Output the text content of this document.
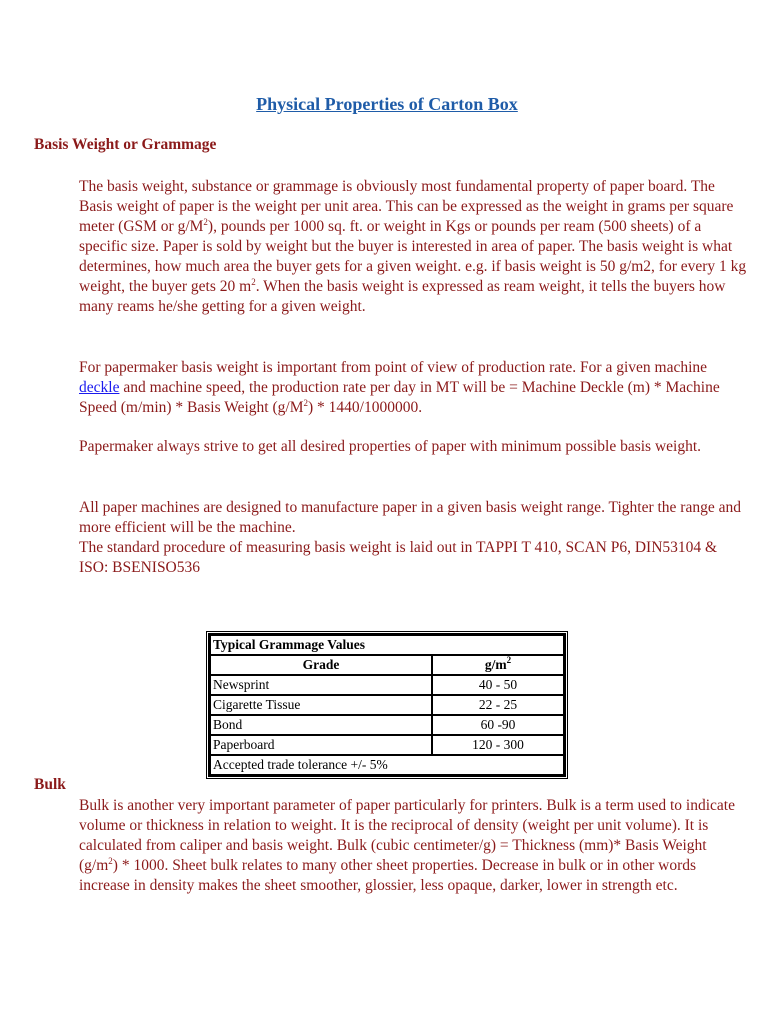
Physical Properties of Carton Box
Basis Weight or Grammage

The basis weight, substance or grammage is obviously most fundamental property of paper board. The Basis weight of paper is the weight per unit area. This can be expressed as the weight in grams per square meter (GSM or $g/M^2$), pounds per 1000 sq. ft. or weight in Kgs or pounds per ream (500 sheets) of a specific size. Paper is sold by weight but the buyer is interested in area of paper. The basis weight is what determines, how much area the buyer gets for a given weight. e.g. if basis weight is 50 g/m2, for every 1 kg weight, the buyer gets 20 $m^2$. When the basis weight is expressed as ream weight, it tells the buyers how many reams he/she getting for a given weight.

For papermaker basis weight is important from point of view of production rate. For a given machine deckle and machine speed, the production rate per day in MT will be = Machine Deckle (m) * Machine Speed (m/min) * Basis Weight $(g/M^2) * 1440/1000000$.

Papermaker always strive to get all desired properties of paper with minimum possible basis weight.

All paper machines are designed to manufacture paper in a given basis weight range. Tighter the range and more efficient will be the machine.

The standard procedure of measuring basis weight is laid out in TAPPI T 410, SCAN P6, DIN53104 & ISO: BSENISO536

Typical Grammage Values	
Grade	$g/m^2$
Newsprint	40 - 50
Cigarette Tissue	22 - 25
Bond	60 -90
Paperboard	120 - 300
Accepted trade tolerance +/- 5%	
Bulk

Bulk is another very important parameter of paper particularly for printers. Bulk is a term used to indicate volume or thickness in relation to weight. It is the reciprocal of density (weight per unit volume). It is calculated from caliper and basis weight. Bulk (cubic centimeter/g) = Thickness (mm)* Basis Weight $(g/m^2) * 1000$. Sheet bulk relates to many other sheet properties. Decrease in bulk or in other words increase in density makes the sheet smoother, glossier, less opaque, darker, lower in strength etc.
